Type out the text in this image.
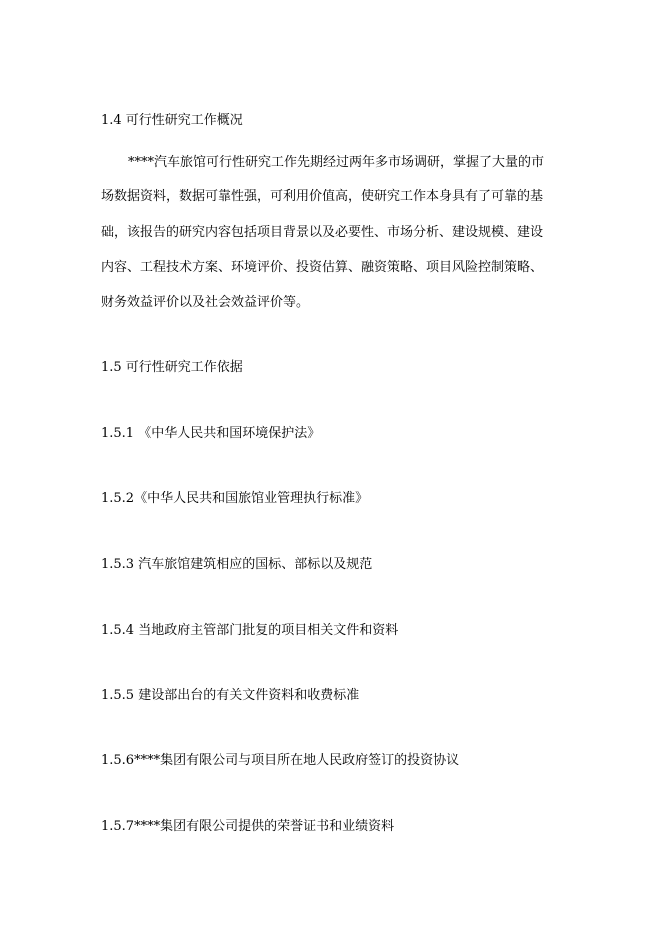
1.4 可行性研究工作概况
****汽车旅馆可行性研究工作先期经过两年多市场调研，掌握了大量的市
场数据资料，数据可靠性强，可利用价值高，使研究工作本身具有了可靠的基
础，该报告的研究内容包括项目背景以及必要性、市场分析、建设规模、建设
内容、工程技术方案、环境评价、投资估算、融资策略、项目风险控制策略、
财务效益评价以及社会效益评价等。
1.5 可行性研究工作依据
1.5.1 《中华人民共和国环境保护法》
1.5.2《中华人民共和国旅馆业管理执行标准》
1.5.3 汽车旅馆建筑相应的国标、部标以及规范
1.5.4 当地政府主管部门批复的项目相关文件和资料
1.5.5 建设部出台的有关文件资料和收费标准
1.5.6****集团有限公司与项目所在地人民政府签订的投资协议
1.5.7****集团有限公司提供的荣誉证书和业绩资料
